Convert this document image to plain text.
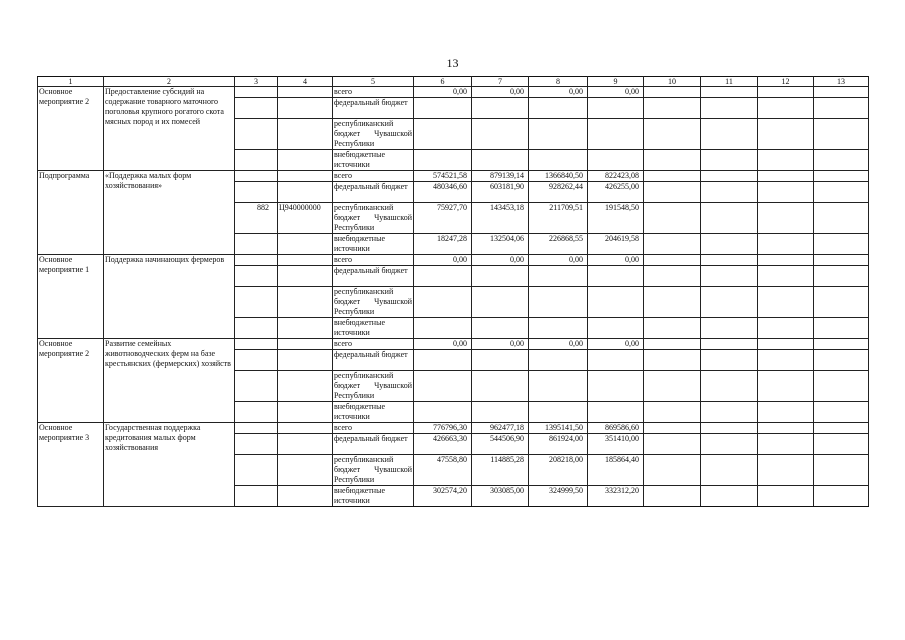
13
1	2	3	4	5	6	7	8	9	10	11	12	13
Основное мероприятие 2	Предоставление субсидий на содержание товарного маточного поголовья крупного рогатого скота мясных пород и их помесей			всего	0,00	0,00	0,00	0,00				
				федеральный бюджет								
				республиканский бюджет Чувашской Республики								
				внебюджетные источники								
Подпрограмма	«Поддержка малых форм хозяйствования»			всего	574521,58	879139,14	1366840,50	822423,08				
				федеральный бюджет	480346,60	603181,90	928262,44	426255,00				
		882	Ц940000000	республиканский бюджет Чувашской Республики	75927,70	143453,18	211709,51	191548,50				
				внебюджетные источники	18247,28	132504,06	226868,55	204619,58				
Основное мероприятие 1	Поддержка начинающих фермеров			всего	0,00	0,00	0,00	0,00				
				федеральный бюджет								
				республиканский бюджет Чувашской Республики								
				внебюджетные источники								
Основное мероприятие 2	Развитие семейных животноводческих ферм на базе крестьянских (фермерских) хозяйств			всего	0,00	0,00	0,00	0,00				
				федеральный бюджет								
				республиканский бюджет Чувашской Республики								
				внебюджетные источники								
Основное мероприятие 3	Государственная поддержка кредитования малых форм хозяйствования			всего	776796,30	962477,18	1395141,50	869586,60				
				федеральный бюджет	426663,30	544506,90	861924,00	351410,00				
				республиканский бюджет Чувашской Республики	47558,80	114885,28	208218,00	185864,40				
				внебюджетные источники	302574,20	303085,00	324999,50	332312,20				
